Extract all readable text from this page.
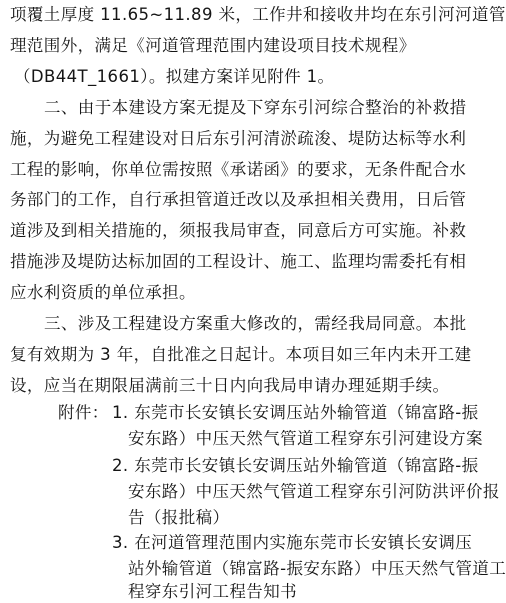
项覆土厚度 11.65~11.89 米，工作井和接收井均在东引河河道管
理范围外，满足《河道管理范围内建设项目技术规程》
（DB44T_1661）。拟建方案详见附件 1。
二、由于本建设方案无提及下穿东引河综合整治的补救措
施，为避免工程建设对日后东引河清淤疏浚、堤防达标等水利
工程的影响，你单位需按照《承诺函》的要求，无条件配合水
务部门的工作，自行承担管道迁改以及承担相关费用，日后管
道涉及到相关措施的，须报我局审查，同意后方可实施。补救
措施涉及堤防达标加固的工程设计、施工、监理均需委托有相
应水利资质的单位承担。
三、涉及工程建设方案重大修改的，需经我局同意。本批
复有效期为 3 年，自批准之日起计。本项目如三年内未开工建
设，应当在期限届满前三十日内向我局申请办理延期手续。
附件： 1. 东莞市长安镇长安调压站外输管道（锦富路-振
安东路）中压天然气管道工程穿东引河建设方案
2. 东莞市长安镇长安调压站外输管道（锦富路-振
安东路）中压天然气管道工程穿东引河防洪评价报
告（报批稿）
3. 在河道管理范围内实施东莞市长安镇长安调压
站外输管道（锦富路-振安东路）中压天然气管道工
程穿东引河工程告知书
